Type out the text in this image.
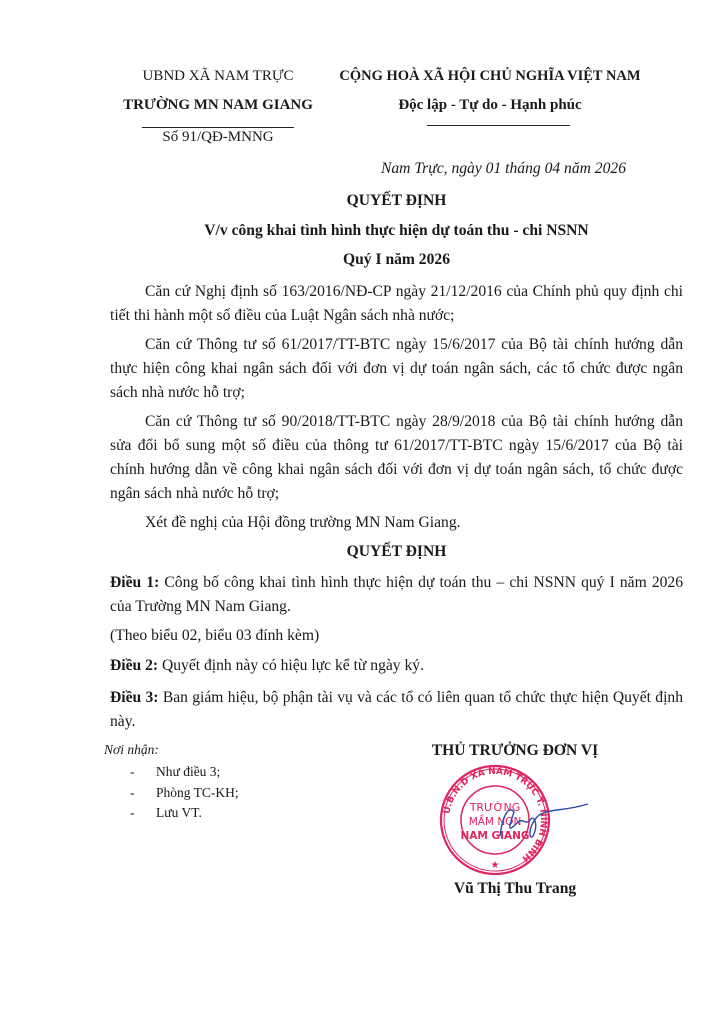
UBND XÃ NAM TRỰC
TRƯỜNG MN NAM GIANG
Số 91/QĐ-MNNG
CỘNG HOÀ XÃ HỘI CHỦ NGHĨA VIỆT NAM
Độc lập - Tự do - Hạnh phúc
Nam Trực, ngày 01 tháng 04 năm 2026
QUYẾT ĐỊNH
V/v công khai tình hình thực hiện dự toán thu - chi NSNN
Quý I năm 2026
Căn cứ Nghị định số 163/2016/NĐ-CP ngày 21/12/2016 của Chính phủ quy định chi tiết thi hành một số điều của Luật Ngân sách nhà nước;
Căn cứ Thông tư số 61/2017/TT-BTC ngày 15/6/2017 của Bộ tài chính hướng dẫn thực hiện công khai ngân sách đối với đơn vị dự toán ngân sách, các tổ chức được ngân sách nhà nước hỗ trợ;
Căn cứ Thông tư số 90/2018/TT-BTC ngày 28/9/2018 của Bộ tài chính hướng dẫn sửa đổi bổ sung một số điều của thông tư 61/2017/TT-BTC ngày 15/6/2017 của Bộ tài chính hướng dẫn về công khai ngân sách đối với đơn vị dự toán ngân sách, tổ chức được ngân sách nhà nước hỗ trợ;
Xét đề nghị của Hội đồng trường MN Nam Giang.
QUYẾT ĐỊNH
Điều 1: Công bố công khai tình hình thực hiện dự toán thu – chi NSNN quý I năm 2026 của Trường MN Nam Giang.
(Theo biểu 02, biểu 03 đính kèm)
Điều 2: Quyết định này có hiệu lực kể từ ngày ký.
Điều 3: Ban giám hiệu, bộ phận tài vụ và các tổ có liên quan tổ chức thực hiện Quyết định này.
Nơi nhận:
- Như điều 3;
- Phòng TC-KH;
- Lưu VT.
THỦ TRƯỞNG ĐƠN VỊ
U.B.N.D XÃ NAM TRỰC T. NINH BÌNH
TRƯỜNG
MẦM NON
NAM GIANG
★
Vũ Thị Thu Trang
